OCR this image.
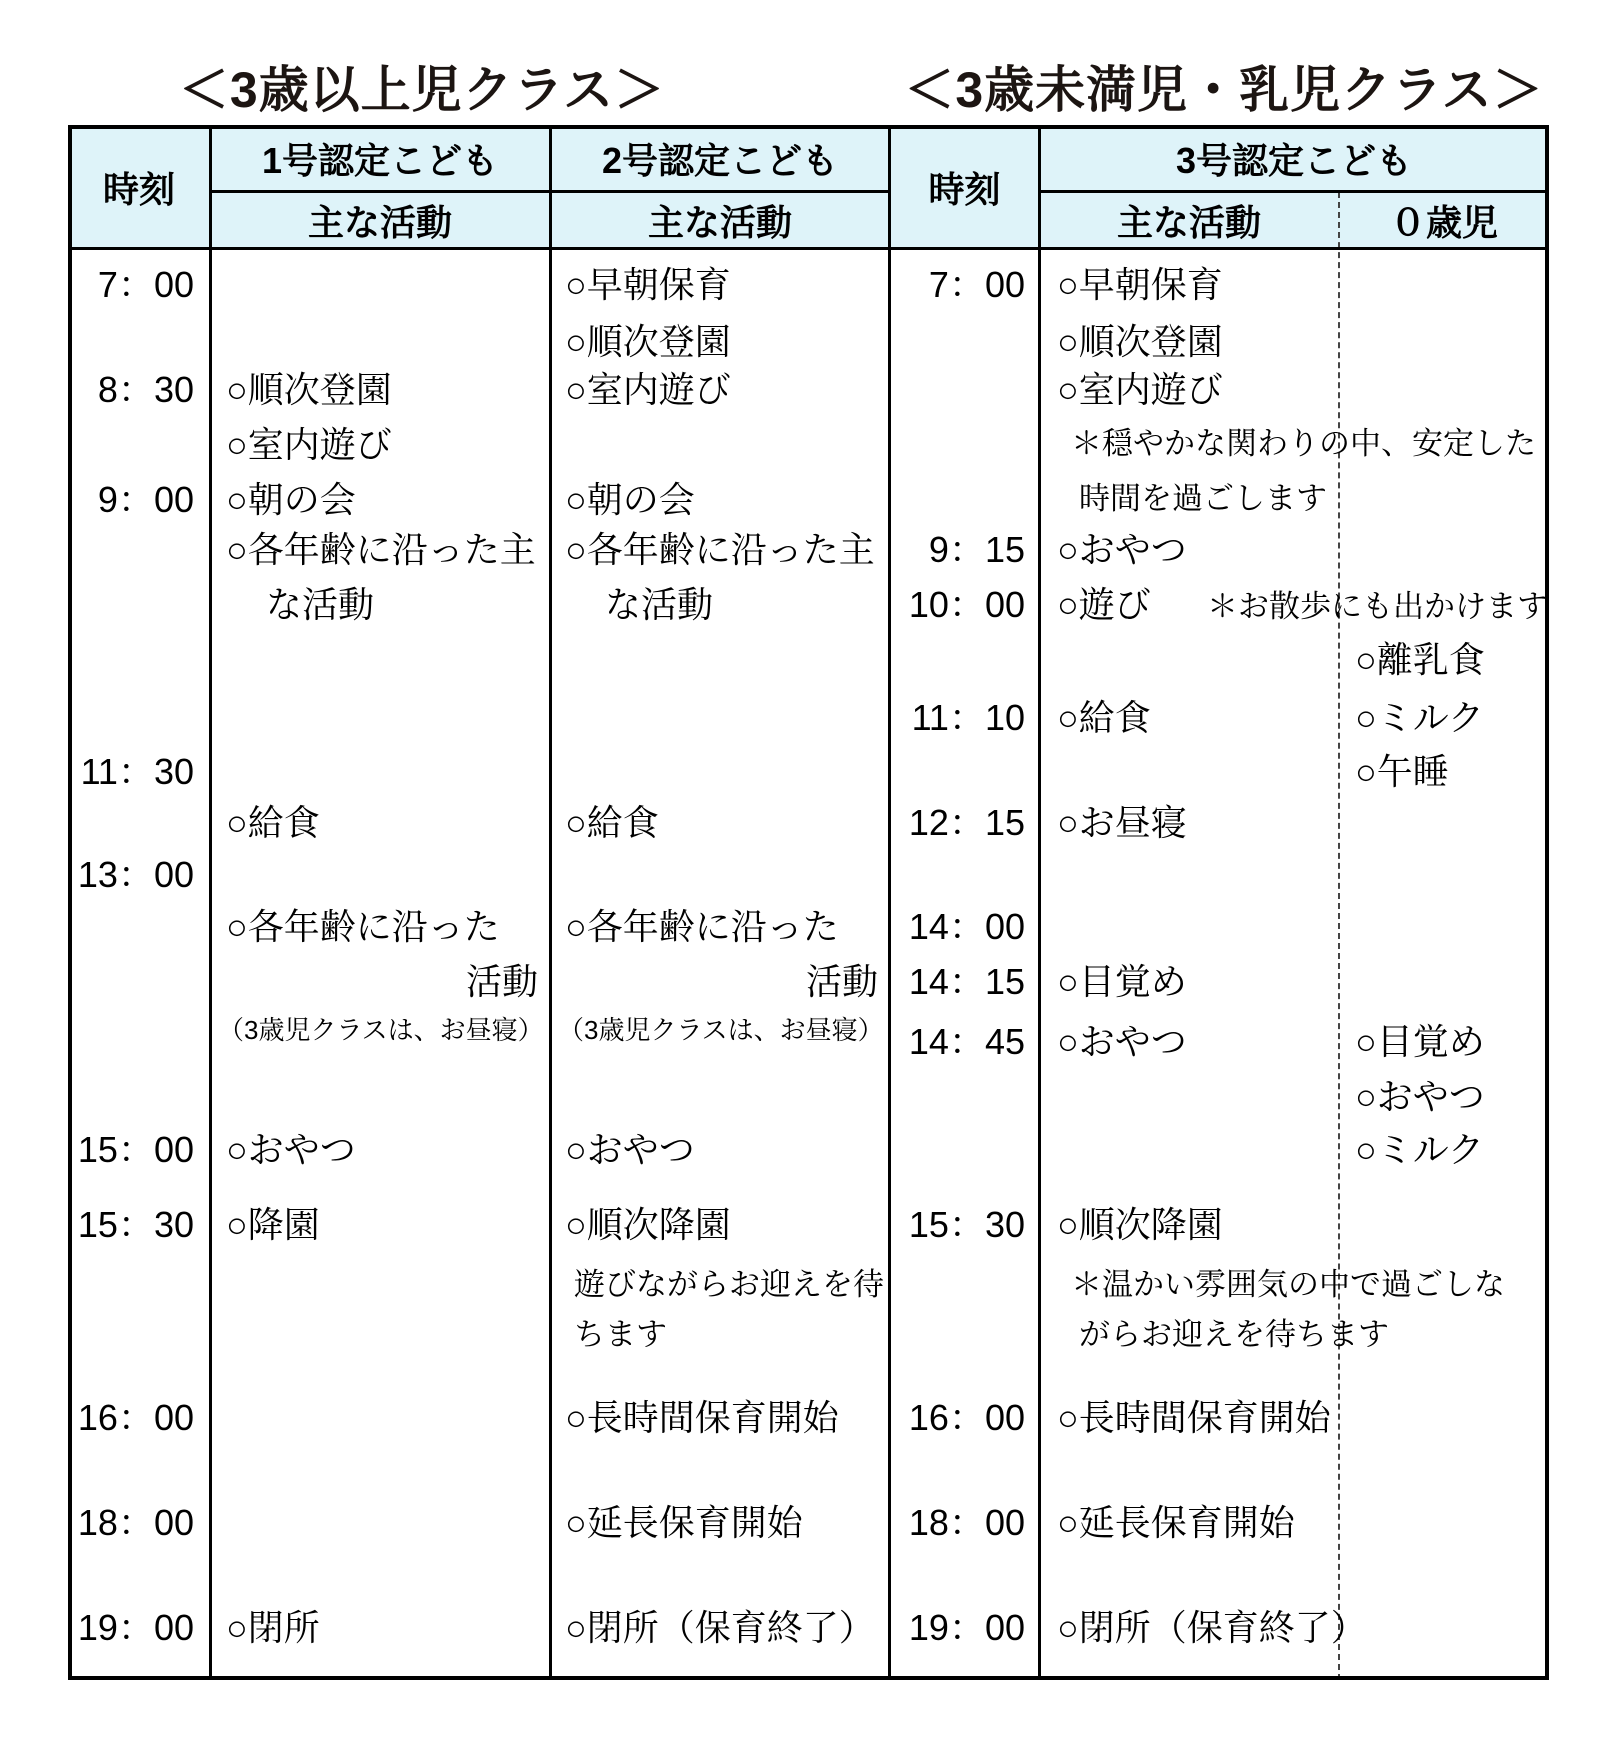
＜3歳以上児クラス＞	＜3歳未満児・乳児クラス＞
時刻
1号認定こども
主な活動
2号認定こども
主な活動
時刻
3号認定こども
主な活動	０歳児
7：00
8：30
9：00
11：30
13：00
15：00
15：30
16：00
18：00
19：00
○順次登園
○室内遊び
○朝の会
○各年齢に沿った主
な活動
○給食
○各年齢に沿った
活動
（3歳児クラスは、お昼寝）
○おやつ
○降園
○閉所
○早朝保育
○順次登園
○室内遊び
○朝の会
○各年齢に沿った主
な活動
○給食
○各年齢に沿った
活動
（3歳児クラスは、お昼寝）
○おやつ
○順次降園
遊びながらお迎えを待
ちます
○長時間保育開始
○延長保育開始
○閉所（保育終了）
7：00
9：15
10：00
11：10
12：15
14：00
14：15
14：45
15：30
16：00
18：00
19：00
○早朝保育
○順次登園
○室内遊び
＊穏やかな関わりの中、安定した
時間を過ごします
○おやつ
○遊び ＊お散歩にも出かけます
○給食
○お昼寝
○目覚め
○おやつ
○順次降園
＊温かい雰囲気の中で過ごしな
がらお迎えを待ちます
○長時間保育開始
○延長保育開始
○閉所（保育終了）
○離乳食
○ミルク
○午睡
○目覚め
○おやつ
○ミルク
